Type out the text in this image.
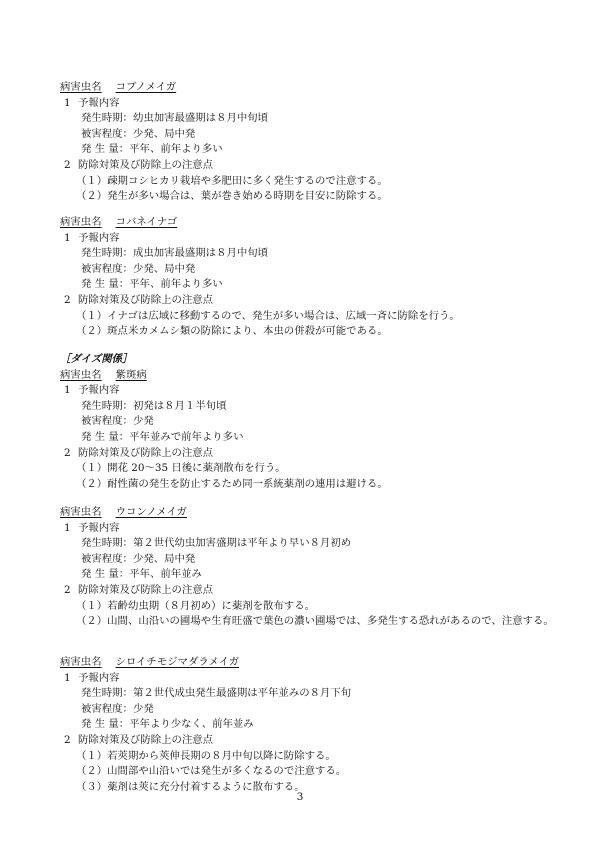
病害虫名 コブノメイガ
1 予報内容
発生時期：幼虫加害最盛期は８月中旬頃
被害程度：少発、局中発
発 生 量：平年、前年より多い
2 防除対策及び防除上の注意点
（１）疎期コシヒカリ栽培や多肥田に多く発生するので注意する。
（２）発生が多い場合は、葉が巻き始める時期を目安に防除する。
病害虫名 コバネイナゴ
1 予報内容
発生時期：成虫加害最盛期は８月中旬頃
被害程度：少発、局中発
発 生 量：平年、前年より多い
2 防除対策及び防除上の注意点
（１）イナゴは広域に移動するので、発生が多い場合は、広域一斉に防除を行う。
（２）斑点米カメムシ類の防除により、本虫の併殺が可能である。
［ダイズ関係］
病害虫名 紫斑病
1 予報内容
発生時期：初発は８月１半旬頃
被害程度：少発
発 生 量：平年並みで前年より多い
2 防除対策及び防除上の注意点
（１）開花 20～35 日後に薬剤散布を行う。
（２）耐性菌の発生を防止するため同一系統薬剤の連用は避ける。
病害虫名 ウコンノメイガ
1 予報内容
発生時期：第２世代幼虫加害盛期は平年より早い８月初め
被害程度：少発、局中発
発 生 量：平年、前年並み
2 防除対策及び防除上の注意点
（１）若齢幼虫期（８月初め）に薬剤を散布する。
（２）山間、山沿いの圃場や生育旺盛で葉色の濃い圃場では、多発生する恐れがあるので、注意する。
病害虫名 シロイチモジマダラメイガ
1 予報内容
発生時期：第２世代成虫発生最盛期は平年並みの８月下旬
被害程度：少発
発 生 量：平年より少なく、前年並み
2 防除対策及び防除上の注意点
（１）若莢期から莢伸長期の８月中旬以降に防除する。
（２）山間部や山沿いでは発生が多くなるので注意する。
（３）薬剤は莢に充分付着するように散布する。
3
